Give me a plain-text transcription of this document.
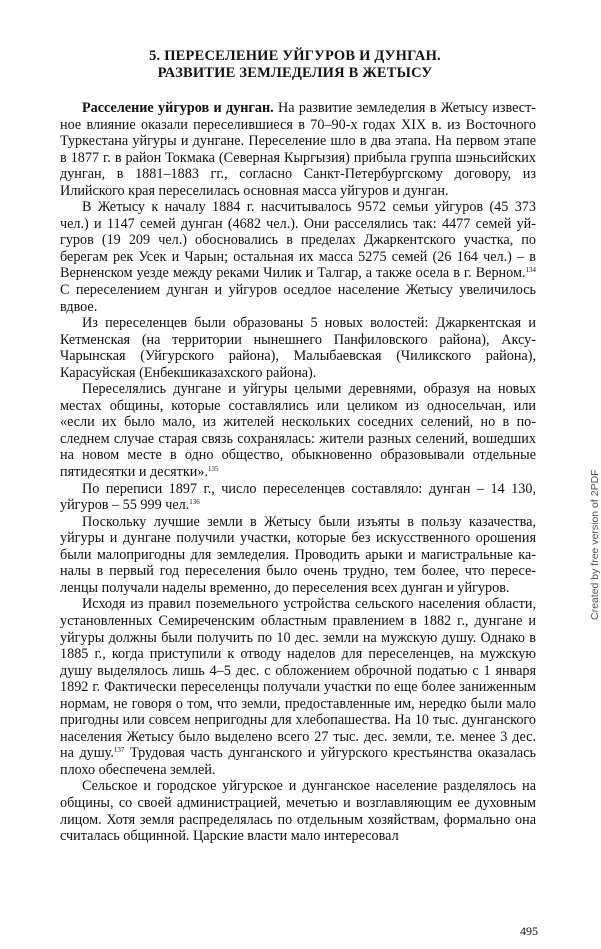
5. ПЕРЕСЕЛЕНИЕ УЙГУРОВ И ДУНГАН.
РАЗВИТИЕ ЗЕМЛЕДЕЛИЯ В ЖЕТЫСУ

Расселение уйгуров и дунган. На развитие земледелия в Жетысу известное влияние оказали переселившиеся в 70–90-х годах XIX в. из Восточного Туркестана уйгуры и дунгане. Переселение шло в два этапа. На первом этапе в 1877 г. в район Токмака (Северная Кыргызия) прибыла группа шэньсийских дунган, в 1881–1883 гг., согласно Санкт-Петербургскому договору, из Илийского края переселилась основная масса уйгуров и дунган.

В Жетысу к началу 1884 г. насчитывалось 9572 семьи уйгуров (45 373 чел.) и 1147 семей дунган (4682 чел.). Они расселялись так: 4477 семей уйгуров (19 209 чел.) обосновались в пределах Джаркентского участка, по берегам рек Усек и Чарын; остальная их масса 5275 семей (26 164 чел.) – в Верненском уезде между реками Чилик и Талгар, а также осела в г. Верном.$^{134}$ С переселением дунган и уйгуров оседлое население Жетысу увеличилось вдвое.

Из переселенцев были образованы 5 новых волостей: Джаркентская и Кетменская (на территории нынешнего Панфиловского района), Аксу-Чарынская (Уйгурского района), Малыбаевская (Чиликского района), Карасуйская (Енбекшиказахского района).

Переселялись дунгане и уйгуры целыми деревнями, образуя на новых местах общины, которые составлялись или целиком из односельчан, или «если их было мало, из жителей нескольких соседних селений, но в последнем случае старая связь сохранялась: жители разных селений, вошедших на новом месте в одно общество, обыкновенно образовывали отдельные пятидесятки и десятки».$^{135}$

По переписи 1897 г., число переселенцев составляло: дунган – 14 130, уйгуров – 55 999 чел.$^{136}$

Поскольку лучшие земли в Жетысу были изъяты в пользу казачества, уйгуры и дунгане получили участки, которые без искусственного орошения были малопригодны для земледелия. Проводить арыки и магистральные каналы в первый год переселения было очень трудно, тем более, что переселенцы получали наделы временно, до переселения всех дунган и уйгуров.

Исходя из правил поземельного устройства сельского населения области, установленных Семиреченским областным правлением в 1882 г., дунгане и уйгуры должны были получить по 10 дес. земли на мужскую душу. Однако в 1885 г., когда приступили к отводу наделов для переселенцев, на мужскую душу выделялось лишь 4–5 дес. с обложением оброчной податью с 1 января 1892 г. Фактически переселенцы получали участки по еще более заниженным нормам, не говоря о том, что земли, предоставленные им, нередко были мало пригодны или совсем непригодны для хлебопашества. На 10 тыс. дунганского населения Жетысу было выделено всего 27 тыс. дес. земли, т.е. менее 3 дес. на душу.$^{137}$ Трудовая часть дунганского и уйгурского крестьянства оказалась плохо обеспечена землей.

Сельское и городское уйгурское и дунганское население разделялось на общины, со своей администрацией, мечетью и возглавляющим ее духовным лицом. Хотя земля распределялась по отдельным хозяйствам, формально она считалась общинной. Царские власти мало интересовал

Created by free version of 2PDF
495
